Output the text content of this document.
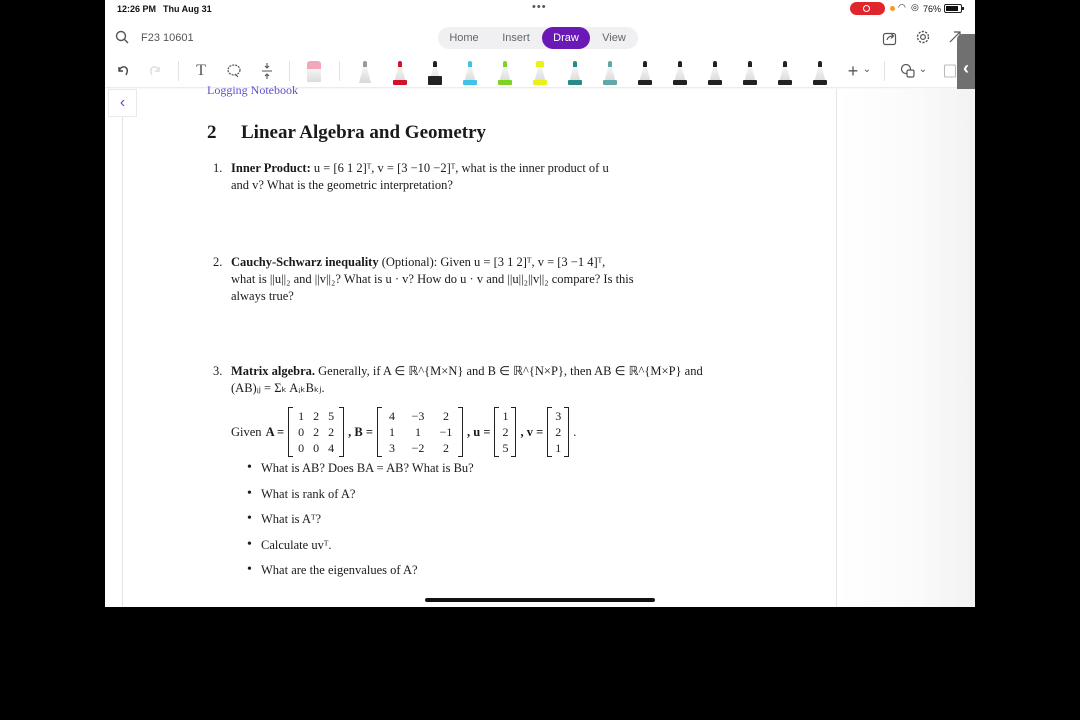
12:26 PM Thu Aug 31	•••	◠ ◎ 76%
F23 10601	Home	Insert	Draw	View
T	+ ⌄	⌄	‹
‹
Logging Notebook
2 Linear Algebra and Geometry
1. Inner Product: u = [6 1 2]ᵀ, v = [3 −10 −2]ᵀ, what is the inner product of u
and v? What is the geometric interpretation?
2. Cauchy-Schwarz inequality (Optional): Given u = [3 1 2]ᵀ, v = [3 −1 4]ᵀ,
what is ||u||₂ and ||v||₂? What is u · v? How do u · v and ||u||₂||v||₂ compare? Is this
always true?
3. Matrix algebra. Generally, if A ∈ ℝ^{M×N} and B ∈ ℝ^{N×P}, then AB ∈ ℝ^{M×P} and
(AB)ᵢⱼ = Σₖ AᵢₖBₖⱼ.
Given A =
1 2 5
0 2 2
0 0 4
, B =
4	−3	2
1	1	−1
3	−2	2
, u =
1
2
5
, v =
3
2
1
.
• What is AB? Does BA = AB? What is Bu?
• What is rank of A?
• What is Aᵀ?
• Calculate uvᵀ.
• What are the eigenvalues of A?
